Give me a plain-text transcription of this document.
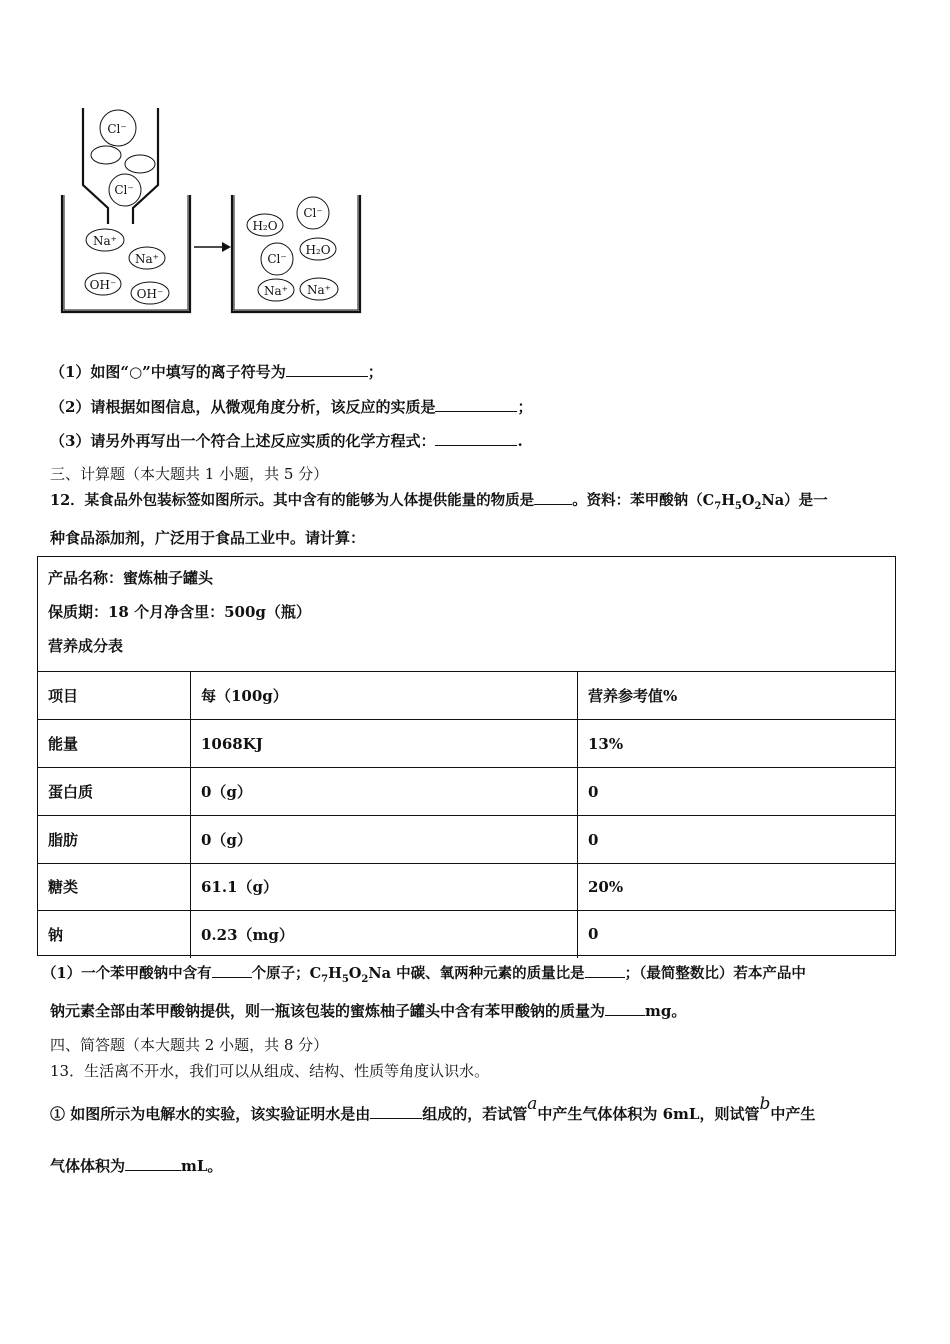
Cl⁻
Cl⁻
Na⁺
Na⁺
OH⁻
OH⁻
H₂O
Cl⁻
H₂O
Cl⁻
Na⁺ Na⁺
（1）如图“○”中填写的离子符号为	；
（2）请根据如图信息，从微观角度分析，该反应的实质是	；
（3）请另外再写出一个符合上述反应实质的化学方程式：	.
三、计算题（本大题共 1 小题，共 5 分）
12．某食品外包装标签如图所示。其中含有的能够为人体提供能量的物质是	。资料：苯甲酸钠$(C_7H_5O_2Na)$是一
种食品添加剂，广泛用于食品工业中。请计算：
产品名称：蜜炼柚子罐头
保质期：18 个月净含里：500g（瓶）
营养成分表
项目	每（100g）	营养参考值%
能量	1068KJ	13%
蛋白质	0（g）	0
脂肪	0（g）	0
糖类	61.1（g）	20%
钠	0.23（mg）	0
（1）一个苯甲酸钠中含有	个原子；$C_7H_5O_2Na$ 中碳、氧两种元素的质量比是	；（最简整数比）若本产品中
钠元素全部由苯甲酸钠提供，则一瓶该包装的蜜炼柚子罐头中含有苯甲酸钠的质量为	mg。
四、简答题（本大题共 2 小题，共 8 分）
13．生活离不开水，我们可以从组成、结构、性质等角度认识水。
① 如图所示为电解水的实验，该实验证明水是由	组成的，若试管a中产生气体体积为 6mL，则试管b中产生
气体体积为	mL。
